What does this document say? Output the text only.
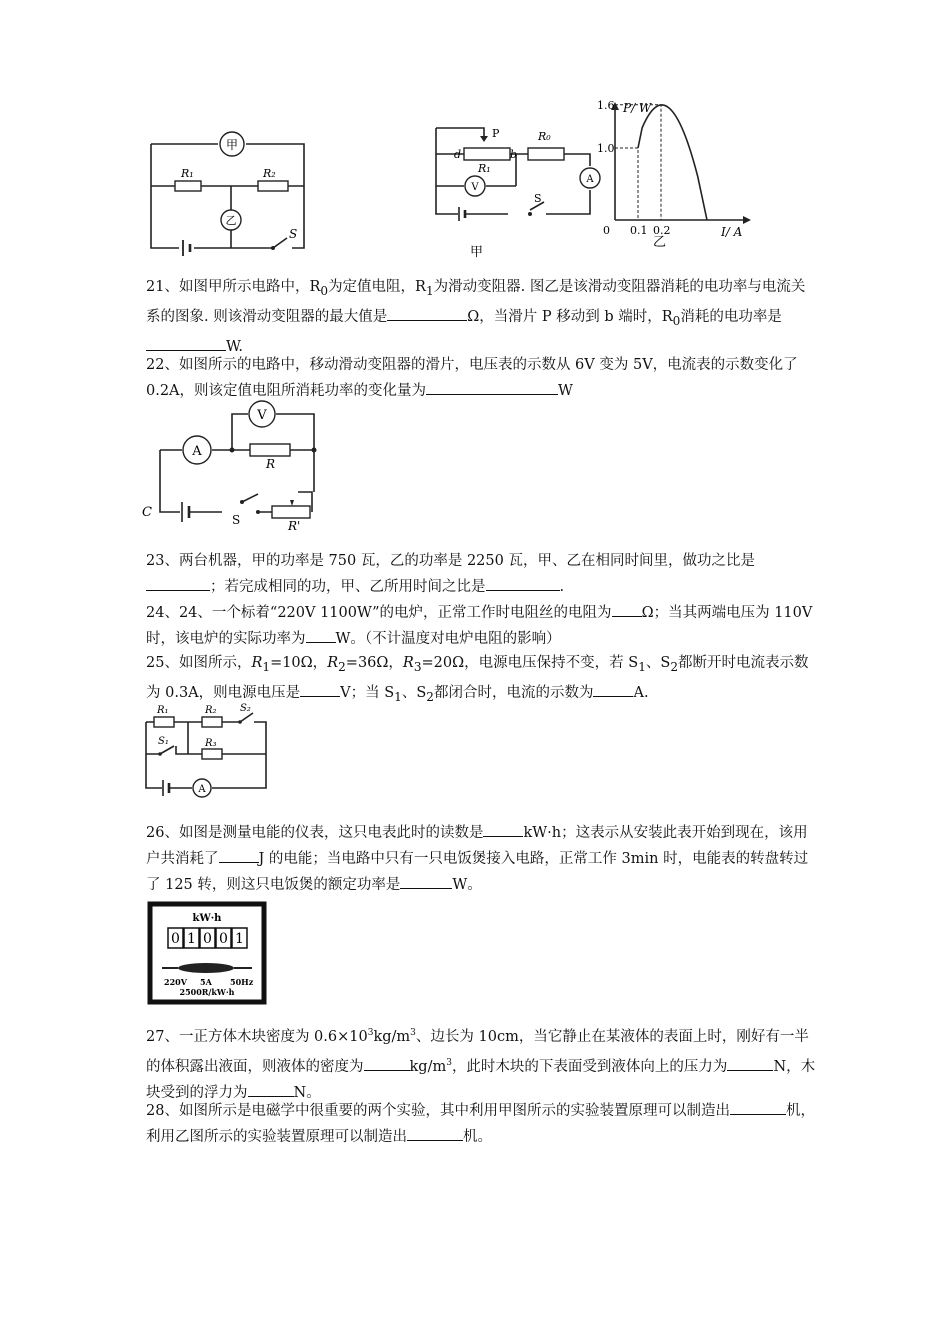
甲
R₁	R₂
乙
S
P
d
R₁
b
R₀
V
A
S
甲
P/ W
I/ A
1.6
1.0
0 0.1 0.2
乙

21、如图甲所示电路中，$R_0$为定值电阻，$R_1$为滑动变阻器. 图乙是该滑动变阻器消耗的电功率与电流关系的图象. 则该滑动变阻器的最大值是	Ω，当滑片 P 移动到 b 端时，$R_0$消耗的电功率是W.

22、如图所示的电路中，移动滑动变阻器的滑片，电压表的示数从 6V 变为 5V，电流表的示数变化了 0.2A，则该定值电阻所消耗功率的变化量为	W

A
V
R
S	R'
C

23、两台机器，甲的功率是 750 瓦，乙的功率是 2250 瓦，甲、乙在相同时间里，做功之比是；若完成相同的功，甲、乙所用时间之比是	.

24、24、一个标着“220V 1100W”的电炉，正常工作时电阻丝的电阻为 Ω；当其两端电压为 110V 时，该电炉的实际功率为 W。（不计温度对电炉电阻的影响）

25、如图所示，$R_1=10\Omega$，$R_2=36\Omega$，$R_3=20\Omega$，电源电压保持不变，若 $S_1$、$S_2$都断开时电流表示数为 0.3A，则电源电压是	V；当 $S_1$、$S_2$都闭合时，电流的示数为	A.

R₁	R₂ S₂
S₁	R₃
A

26、如图是测量电能的仪表，这只电表此时的读数是	kW·h；这表示从安装此表开始到现在，该用户共消耗了	J 的电能；当电路中只有一只电饭煲接入电路，正常工作 3min 时，电能表的转盘转过了 125 转，则这只电饭煲的额定功率是	W。

kW·h
0 1 0 0 1
220V 5A 50Hz
2500R/kW·h

27、一正方体木块密度为 $0.6\times 10^3kg/m^3$、边长为 10cm，当它静止在某液体的表面上时，刚好有一半的体积露出液面，则液体的密度为	$kg/m^3$，此时木块的下表面受到液体向上的压力为	N，木块受到的浮力为	N。

28、如图所示是电磁学中很重要的两个实验，其中利用甲图所示的实验装置原理可以制造出	机，利用乙图所示的实验装置原理可以制造出	机。
